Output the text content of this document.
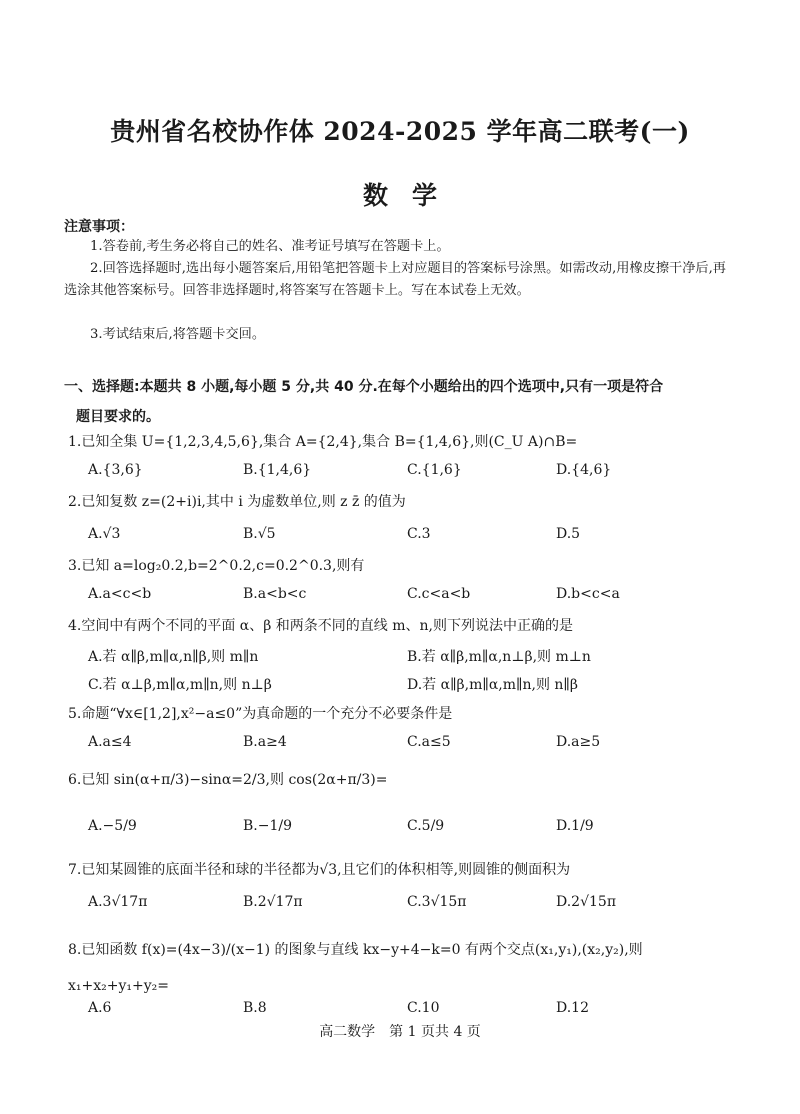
贵州省名校协作体 2024-2025 学年高二联考(一)
数学
注意事项：
1.答卷前,考生务必将自己的姓名、准考证号填写在答题卡上。
2.回答选择题时,选出每小题答案后,用铅笔把答题卡上对应题目的答案标号涂黑。如需改动,用橡皮擦干净后,再选涂其他答案标号。回答非选择题时,将答案写在答题卡上。写在本试卷上无效。
3.考试结束后,将答题卡交回。
一、选择题:本题共 8 小题,每小题 5 分,共 40 分.在每个小题给出的四个选项中,只有一项是符合
题目要求的。
1.已知全集 U={1,2,3,4,5,6},集合 A={2,4},集合 B={1,4,6},则(C_U A)∩B=
A.{3,6}	B.{1,4,6}	C.{1,6}	D.{4,6}
2.已知复数 z=(2+i)i,其中 i 为虚数单位,则 z z̄ 的值为
A.√3	B.√5	C.3	D.5
3.已知 a=log₂0.2,b=2^0.2,c=0.2^0.3,则有
A.a<c<b	B.a<b<c	C.c<a<b	D.b<c<a
4.空间中有两个不同的平面 α、β 和两条不同的直线 m、n,则下列说法中正确的是
A.若 α∥β,m∥α,n∥β,则 m∥n	B.若 α∥β,m∥α,n⊥β,则 m⊥n
C.若 α⊥β,m∥α,m∥n,则 n⊥β	D.若 α∥β,m∥α,m∥n,则 n∥β
5.命题“∀x∈[1,2],x²−a≤0”为真命题的一个充分不必要条件是
A.a≤4	B.a≥4	C.a≤5	D.a≥5
6.已知 sin(α+π/3)−sinα=2/3,则 cos(2α+π/3)=
A.−5/9	B.−1/9	C.5/9	D.1/9
7.已知某圆锥的底面半径和球的半径都为√3,且它们的体积相等,则圆锥的侧面积为
A.3√17π	B.2√17π	C.3√15π	D.2√15π
8.已知函数 f(x)=(4x−3)/(x−1) 的图象与直线 kx−y+4−k=0 有两个交点(x₁,y₁),(x₂,y₂),则 x₁+x₂+y₁+y₂=
A.6	B.8	C.10	D.12
高二数学　第 1 页共 4 页
